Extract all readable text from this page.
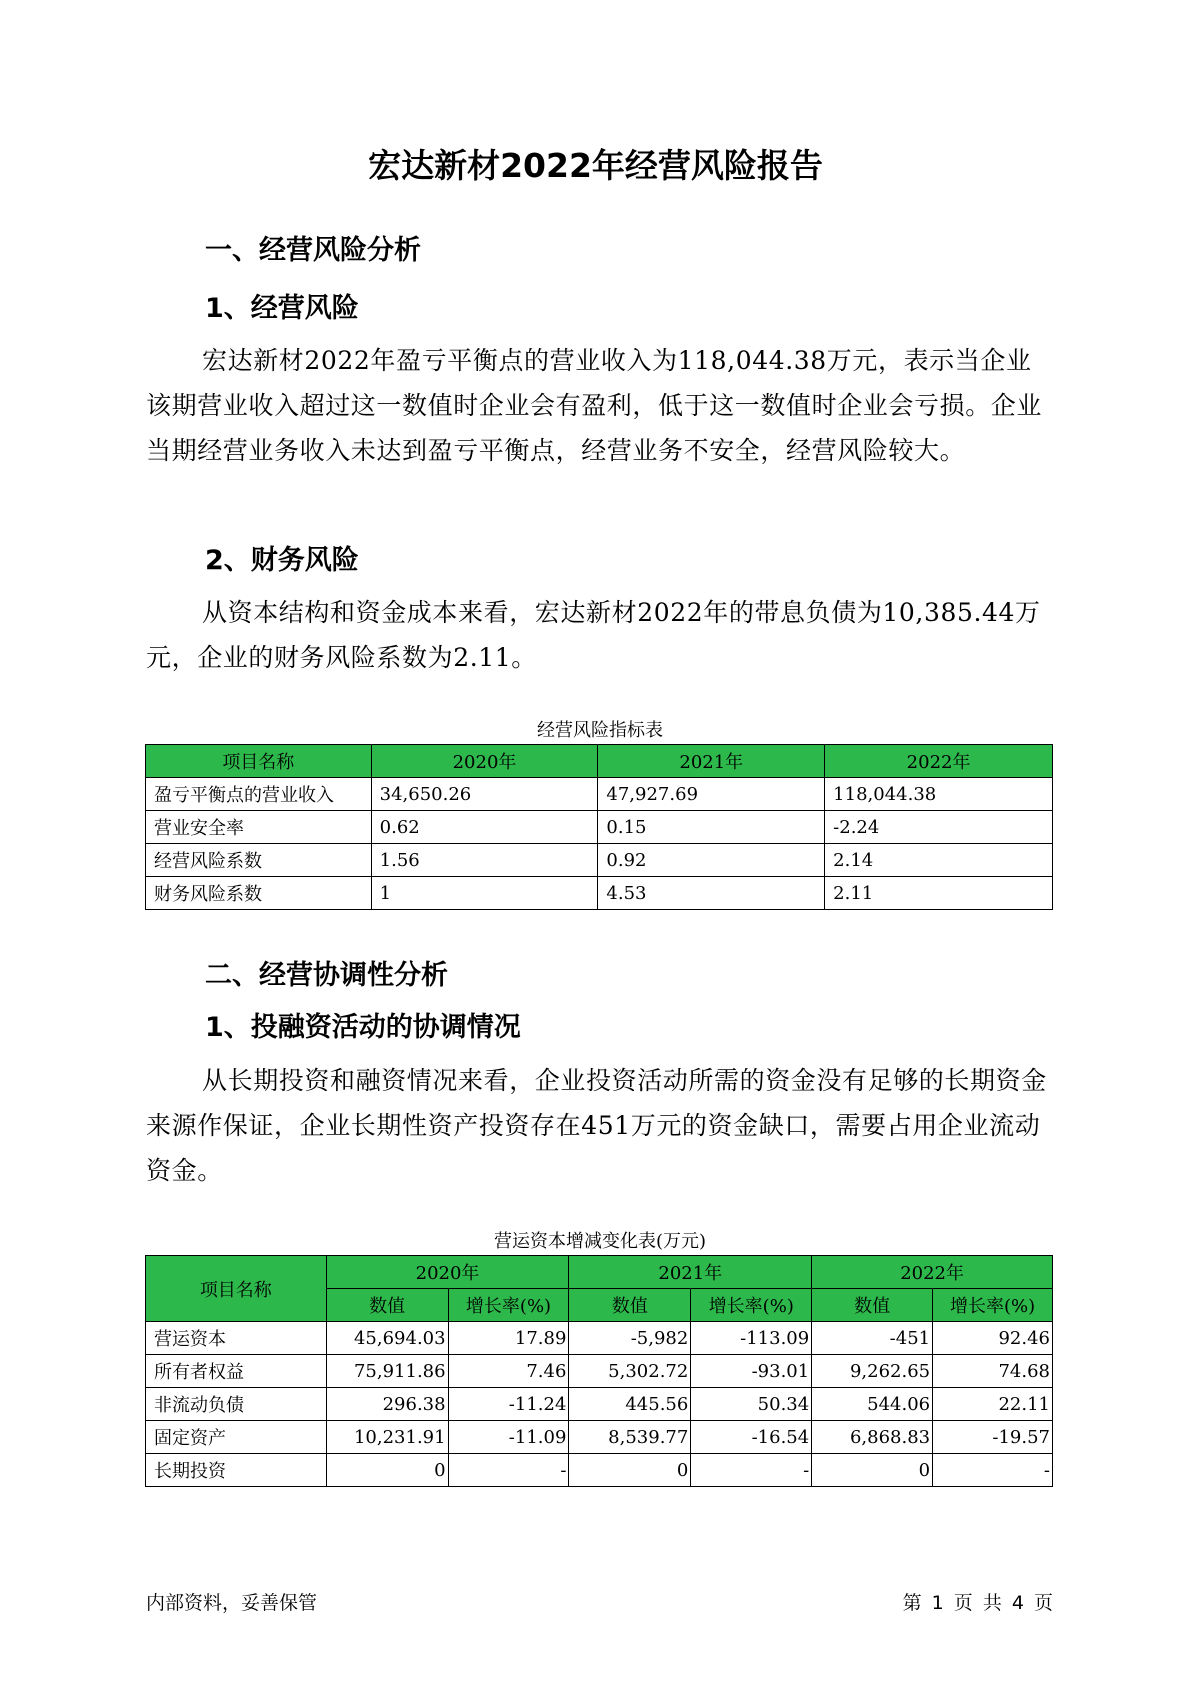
宏达新材2022年经营风险报告
一、经营风险分析
1、经营风险
宏达新材2022年盈亏平衡点的营业收入为118,044.38万元，表示当企业该期营业收入超过这一数值时企业会有盈利，低于这一数值时企业会亏损。企业当期经营业务收入未达到盈亏平衡点，经营业务不安全，经营风险较大。
2、财务风险
从资本结构和资金成本来看，宏达新材2022年的带息负债为10,385.44万元，企业的财务风险系数为2.11。
经营风险指标表
项目名称	2020年	2021年	2022年
盈亏平衡点的营业收入	34,650.26	47,927.69	118,044.38
营业安全率	0.62	0.15	-2.24
经营风险系数	1.56	0.92	2.14
财务风险系数	1	4.53	2.11
二、经营协调性分析
1、投融资活动的协调情况
从长期投资和融资情况来看，企业投资活动所需的资金没有足够的长期资金来源作保证，企业长期性资产投资存在451万元的资金缺口，需要占用企业流动资金。
营运资本增减变化表(万元)
项目名称	2020年		2021年		2022年	
	数值	增长率(%)	数值	增长率(%)	数值	增长率(%)
营运资本	45,694.03	17.89	-5,982	-113.09	-451	92.46
所有者权益	75,911.86	7.46	5,302.72	-93.01	9,262.65	74.68
非流动负债	296.38	-11.24	445.56	50.34	544.06	22.11
固定资产	10,231.91	-11.09	8,539.77	-16.54	6,868.83	-19.57
长期投资	0	-	0	-	0	-
内部资料，妥善保管	第 1 页 共 4 页
